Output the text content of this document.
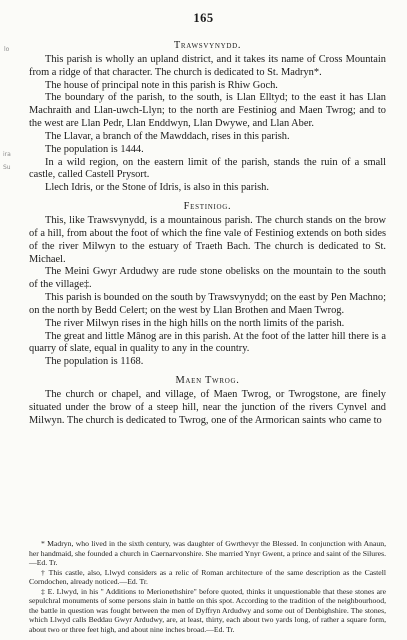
165
lo
ira
Su
Trawsvynydd.

This parish is wholly an upland district, and it takes its name of Cross Mountain from a ridge of that character. The church is dedicated to St. Madryn*.

The house of principal note in this parish is Rhiw Goch.

The boundary of the parish, to the south, is Llan Elltyd; to the east it has Llan Machraith and Llan-uwch-Llyn; to the north are Festiniog and Maen Twrog; and to the west are Llan Pedr, Llan Enddwyn, Llan Dwywe, and Llan Aber.

The Llavar, a branch of the Mawddach, rises in this parish.

The population is 1444.

In a wild region, on the eastern limit of the parish, stands the ruin of a small castle, called Castell Prysort.

Llech Idris, or the Stone of Idris, is also in this parish.

Festiniog.

This, like Trawsvynydd, is a mountainous parish. The church stands on the brow of a hill, from about the foot of which the fine vale of Festiniog extends on both sides of the river Milwyn to the estuary of Traeth Bach. The church is dedicated to St. Michael.

The Meini Gwyr Ardudwy are rude stone obelisks on the mountain to the south of the village‡.

This parish is bounded on the south by Trawsvynydd; on the east by Pen Machno; on the north by Bedd Celert; on the west by Llan Brothen and Maen Twrog.

The river Milwyn rises in the high hills on the north limits of the parish.

The great and little Mânog are in this parish. At the foot of the latter hill there is a quarry of slate, equal in quality to any in the country.

The population is 1168.

Maen Twrog.

The church or chapel, and village, of Maen Twrog, or Twrogstone, are finely situated under the brow of a steep hill, near the junction of the rivers Cynvel and Milwyn. The church is dedicated to Twrog, one of the Armorican saints who came to

* Madryn, who lived in the sixth century, was daughter of Gwrthevyr the Blessed. In conjunction with Anaun, her handmaid, she founded a church in Caernarvonshire. She married Ynyr Gwent, a prince and saint of the Silures.—Ed. Tr.

† This castle, also, Llwyd considers as a relic of Roman architecture of the same description as the Castell Corndochen, already noticed.—Ed. Tr.

‡ E. Llwyd, in his " Additions to Merionethshire" before quoted, thinks it unquestionable that these stones are sepulchral monuments of some persons slain in battle on this spot. According to the tradition of the neighbourhood, the battle in question was fought between the men of Dyffryn Ardudwy and some out of Denbighshire. The stones, which Llwyd calls Beddau Gwyr Ardudwy, are, at least, thirty, each about two yards long, of rather a square form, about two or three feet high, and about nine inches broad.—Ed. Tr.
